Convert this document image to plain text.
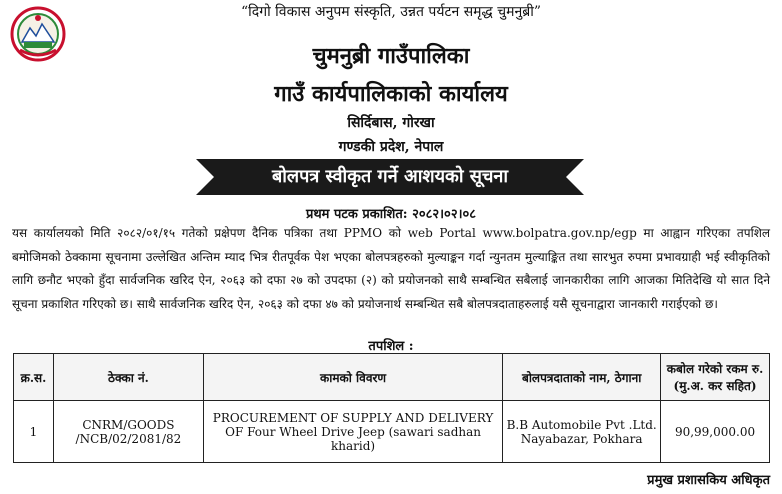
“दिगो विकास अनुपम संस्कृति, उन्नत पर्यटन समृद्ध चुमनुब्री”
चुमनुब्री गाउँपालिका
गाउँ कार्यपालिकाको कार्यालय
सिर्दिबास, गोरखा
गण्डकी प्रदेश, नेपाल
बोलपत्र स्वीकृत गर्ने आशयको सूचना
प्रथम पटक प्रकाशित: २०८२।०२।०८
यस कार्यालयको मिति २०८२/०१/१५ गतेको प्रक्षेपण दैनिक पत्रिका तथा PPMO को web Portal www.bolpatra.gov.np/egp मा आह्वान गरिएका तपशिल बमोजिमको ठेक्कामा सूचनामा उल्लेखित अन्तिम म्याद भित्र रीतपूर्वक पेश भएका बोलपत्रहरुको मुल्याङ्कन गर्दा न्युनतम मुल्याङ्कित तथा सारभुत रुपमा प्रभावग्राही भई स्वीकृतिको लागि छनौट भएको हुँदा सार्वजनिक खरिद ऐन, २०६३ को दफा २७ को उपदफा (२) को प्रयोजनको साथै सम्बन्धित सबैलाई जानकारीका लागि आजका मितिदेखि यो सात दिने सूचना प्रकाशित गरिएको छ। साथै सार्वजनिक खरिद ऐन, २०६३ को दफा ४७ को प्रयोजनार्थ सम्बन्धित सबै बोलपत्रदाताहरुलाई यसै सूचनाद्वारा जानकारी गराईएको छ।
तपशिल :
क्र.स.	ठेक्का नं.	कामको विवरण	बोलपत्रदाताको नाम, ठेगाना	कबोल गरेको रकम रु. (मु.अ. कर सहित)
1	CNRM/GOODS /NCB/02/2081/82	PROCUREMENT OF SUPPLY AND DELIVERY OF Four Wheel Drive Jeep (sawari sadhan kharid)	B.B Automobile Pvt .Ltd. Nayabazar, Pokhara	90,99,000.00
प्रमुख प्रशासकिय अधिकृत
